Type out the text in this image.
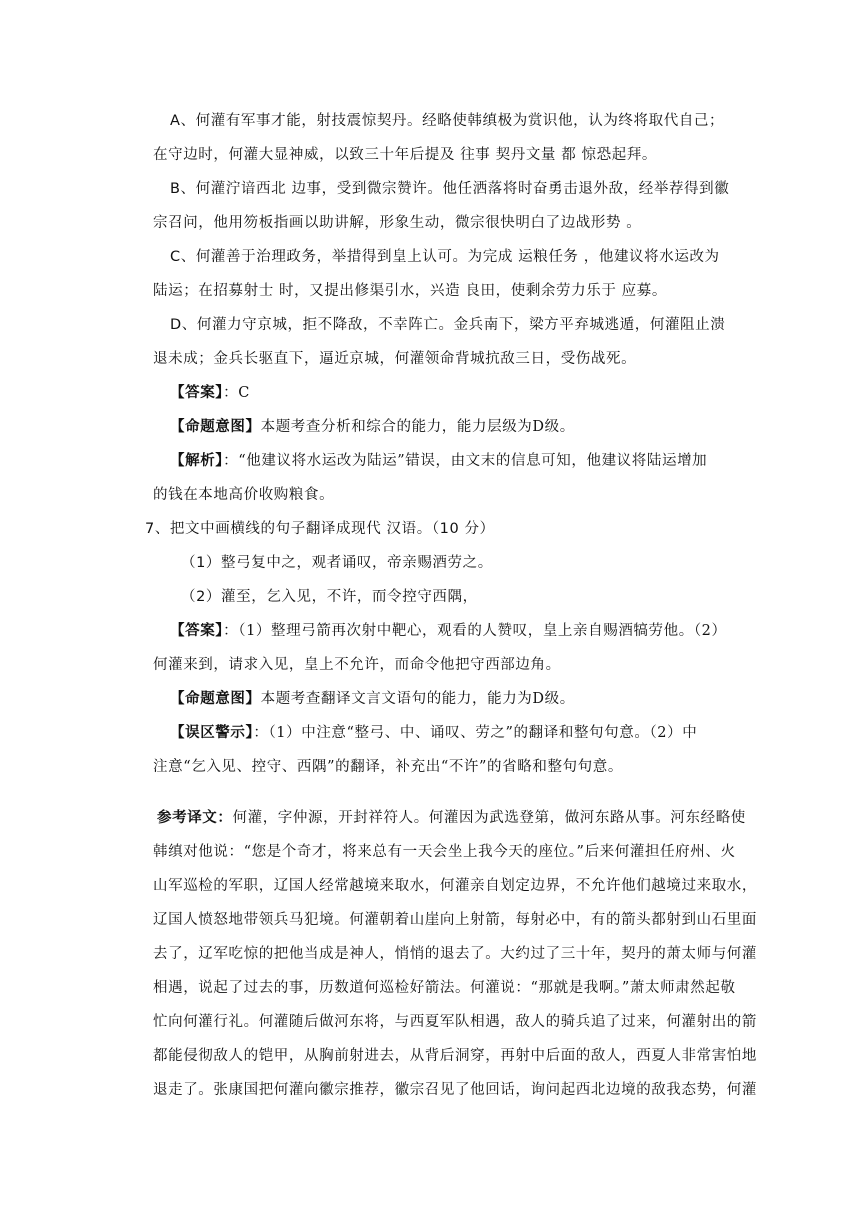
A、何灌有军事才能，射技震惊契丹。经略使韩缜极为赏识他，认为终将取代自己；
在守边时，何灌大显神威，以致三十年后提及 往事 契丹文量 都 惊恐起拜。
B、何灌泞谙西北 边事，受到微宗赞许。他任洒落将时奋勇击退外敌，经举荐得到徽
宗召问，他用笏板指画以助讲解，形象生动，微宗很快明白了边战形势 。
C、何灌善于治理政务，举措得到皇上认可。为完成 运粮任务 ，他建议将水运改为
陆运；在招募射士 时，又提出修渠引水，兴造 良田，使剩余劳力乐于 应募。
D、何灌力守京城，拒不降敌，不幸阵亡。金兵南下，梁方平弃城逃遁，何灌阻止溃
退未成；金兵长驱直下，逼近京城，何灌领命背城抗敌三日，受伤战死。
【答案】：C
【命题意图】本题考查分析和综合的能力，能力层级为D级。
【解析】：“他建议将水运改为陆运”错误，由文末的信息可知，他建议将陆运增加
的钱在本地高价收购粮食。
7、把文中画横线的句子翻译成现代 汉语。（10 分）
（1）整弓复中之，观者诵叹，帝亲赐酒劳之。
（2）灌至，乞入见，不许，而令控守西隅，
【答案】：（1）整理弓箭再次射中靶心，观看的人赞叹，皇上亲自赐酒犒劳他。（2）
何灌来到，请求入见，皇上不允许，而命令他把守西部边角。
【命题意图】本题考查翻译文言文语句的能力，能力为D级。
【误区警示】：（1）中注意“整弓、中、诵叹、劳之”的翻译和整句句意。（2）中
注意“乞入见、控守、西隅”的翻译，补充出“不许”的省略和整句句意。
参考译文：何灌，字仲源，开封祥符人。何灌因为武选登第，做河东路从事。河东经略使
韩缜对他说：“您是个奇才，将来总有一天会坐上我今天的座位。”后来何灌担任府州、火
山军巡检的军职，辽国人经常越境来取水，何灌亲自划定边界，不允许他们越境过来取水，
辽国人愤怒地带领兵马犯境。何灌朝着山崖向上射箭，每射必中，有的箭头都射到山石里面
去了，辽军吃惊的把他当成是神人，悄悄的退去了。大约过了三十年，契丹的萧太师与何灌
相遇，说起了过去的事，历数道何巡检好箭法。何灌说：“那就是我啊。”萧太师肃然起敬
忙向何灌行礼。何灌随后做河东将，与西夏军队相遇，敌人的骑兵追了过来，何灌射出的箭
都能侵彻敌人的铠甲，从胸前射进去，从背后洞穿，再射中后面的敌人，西夏人非常害怕地
退走了。张康国把何灌向徽宗推荐，徽宗召见了他回话，询问起西北边境的敌我态势，何灌
